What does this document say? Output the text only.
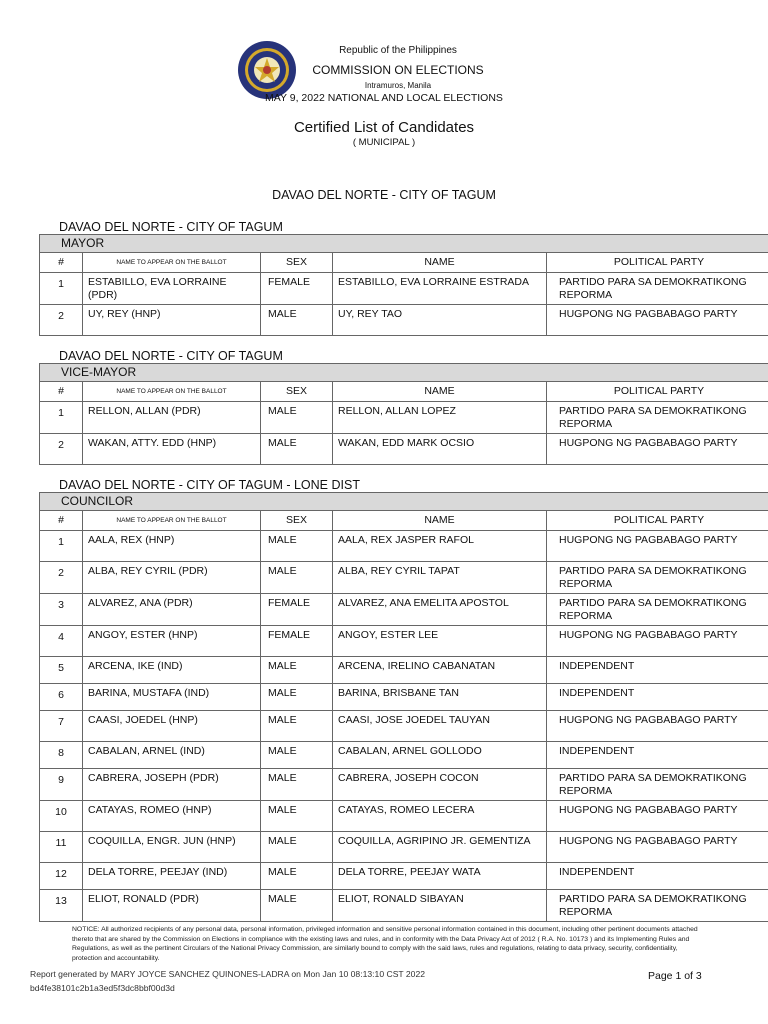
Republic of the Philippines
COMMISSION ON ELECTIONS
Intramuros, Manila
MAY 9, 2022 NATIONAL AND LOCAL ELECTIONS
Certified List of Candidates
( MUNICIPAL )
DAVAO DEL NORTE - CITY OF TAGUM
DAVAO DEL NORTE - CITY OF TAGUM
MAYOR				
#	NAME TO APPEAR ON THE BALLOT	SEX	NAME	POLITICAL PARTY
1	ESTABILLO, EVA LORRAINE (PDR)	FEMALE	ESTABILLO, EVA LORRAINE ESTRADA	PARTIDO PARA SA DEMOKRATIKONG REPORMA
2	UY, REY (HNP)	MALE	UY, REY TAO	HUGPONG NG PAGBABAGO PARTY
DAVAO DEL NORTE - CITY OF TAGUM
VICE-MAYOR				
#	NAME TO APPEAR ON THE BALLOT	SEX	NAME	POLITICAL PARTY
1	RELLON, ALLAN (PDR)	MALE	RELLON, ALLAN LOPEZ	PARTIDO PARA SA DEMOKRATIKONG REPORMA
2	WAKAN, ATTY. EDD (HNP)	MALE	WAKAN, EDD MARK OCSIO	HUGPONG NG PAGBABAGO PARTY
DAVAO DEL NORTE - CITY OF TAGUM - LONE DIST
COUNCILOR				
#	NAME TO APPEAR ON THE BALLOT	SEX	NAME	POLITICAL PARTY
1	AALA, REX (HNP)	MALE	AALA, REX JASPER RAFOL	HUGPONG NG PAGBABAGO PARTY
2	ALBA, REY CYRIL (PDR)	MALE	ALBA, REY CYRIL TAPAT	PARTIDO PARA SA DEMOKRATIKONG REPORMA
3	ALVAREZ, ANA (PDR)	FEMALE	ALVAREZ, ANA EMELITA APOSTOL	PARTIDO PARA SA DEMOKRATIKONG REPORMA
4	ANGOY, ESTER (HNP)	FEMALE	ANGOY, ESTER LEE	HUGPONG NG PAGBABAGO PARTY
5	ARCENA, IKE (IND)	MALE	ARCENA, IRELINO CABANATAN	INDEPENDENT
6	BARINA, MUSTAFA (IND)	MALE	BARINA, BRISBANE TAN	INDEPENDENT
7	CAASI, JOEDEL (HNP)	MALE	CAASI, JOSE JOEDEL TAUYAN	HUGPONG NG PAGBABAGO PARTY
8	CABALAN, ARNEL (IND)	MALE	CABALAN, ARNEL GOLLODO	INDEPENDENT
9	CABRERA, JOSEPH (PDR)	MALE	CABRERA, JOSEPH COCON	PARTIDO PARA SA DEMOKRATIKONG REPORMA
10	CATAYAS, ROMEO (HNP)	MALE	CATAYAS, ROMEO LECERA	HUGPONG NG PAGBABAGO PARTY
11	COQUILLA, ENGR. JUN (HNP)	MALE	COQUILLA, AGRIPINO JR. GEMENTIZA	HUGPONG NG PAGBABAGO PARTY
12	DELA TORRE, PEEJAY (IND)	MALE	DELA TORRE, PEEJAY WATA	INDEPENDENT
13	ELIOT, RONALD (PDR)	MALE	ELIOT, RONALD SIBAYAN	PARTIDO PARA SA DEMOKRATIKONG REPORMA
NOTICE: All authorized recipients of any personal data, personal information, privileged information and sensitive personal information contained in this document, including other pertinent documents attached thereto that are shared by the Commission on Elections in compliance with the existing laws and rules, and in conformity with the Data Privacy Act of 2012 ( R.A. No. 10173 ) and its Implementing Rules and Regulations, as well as the pertinent Circulars of the National Privacy Commission, are similarly bound to comply with the said laws, rules and regulations, relating to data privacy, security, confidentiality, protection and accountability.
Report generated by MARY JOYCE SANCHEZ QUINONES-LADRA on Mon Jan 10 08:13:10 CST 2022
bd4fe38101c2b1a3ed5f3dc8bbf00d3d
Page 1 of 3
